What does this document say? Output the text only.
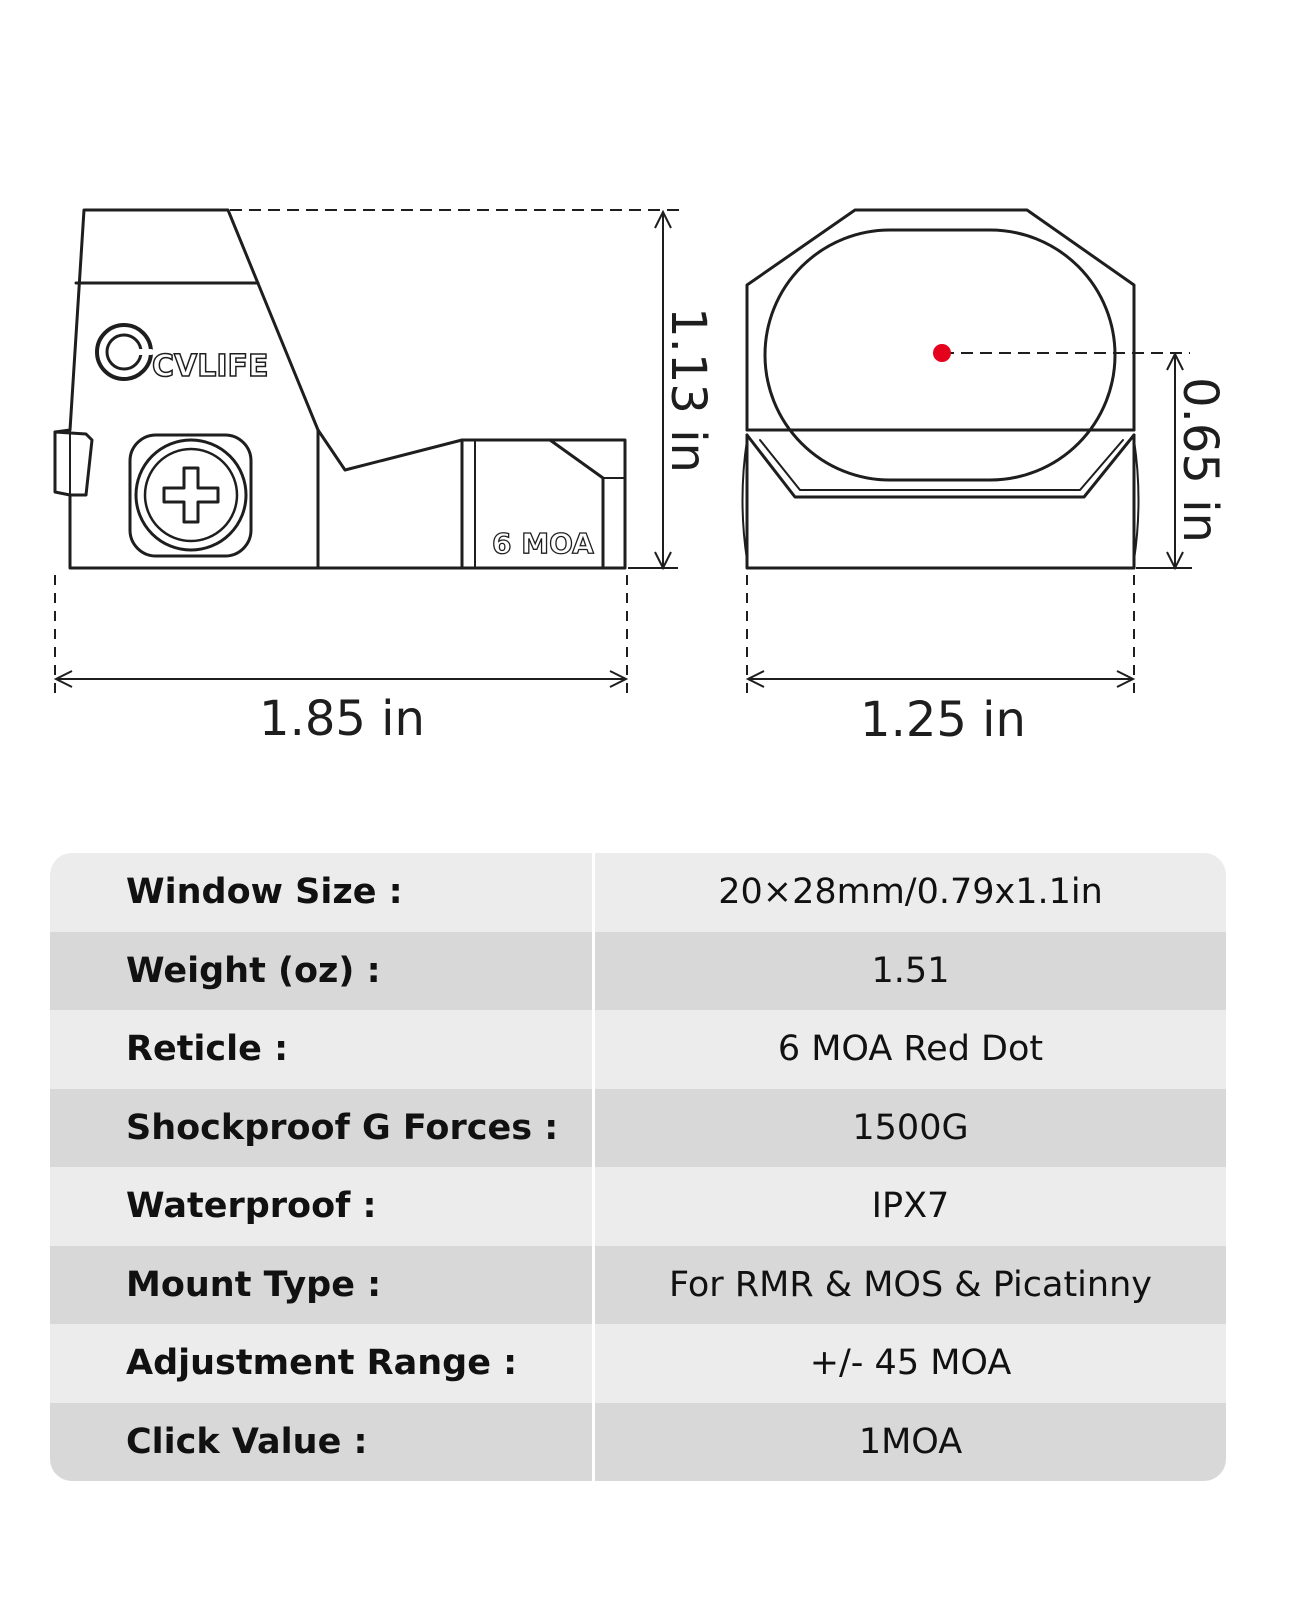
CVLIFE
6 MOA
1.85 in	1.25 in
1.13 in	0.65 in
Window Size :	20×28mm/0.79x1.1in
Weight (oz) :	1.51
Reticle :	6 MOA Red Dot
Shockproof G Forces :	1500G
Waterproof :	IPX7
Mount Type :	For RMR & MOS & Picatinny
Adjustment Range :	+/- 45 MOA
Click Value :	1MOA
